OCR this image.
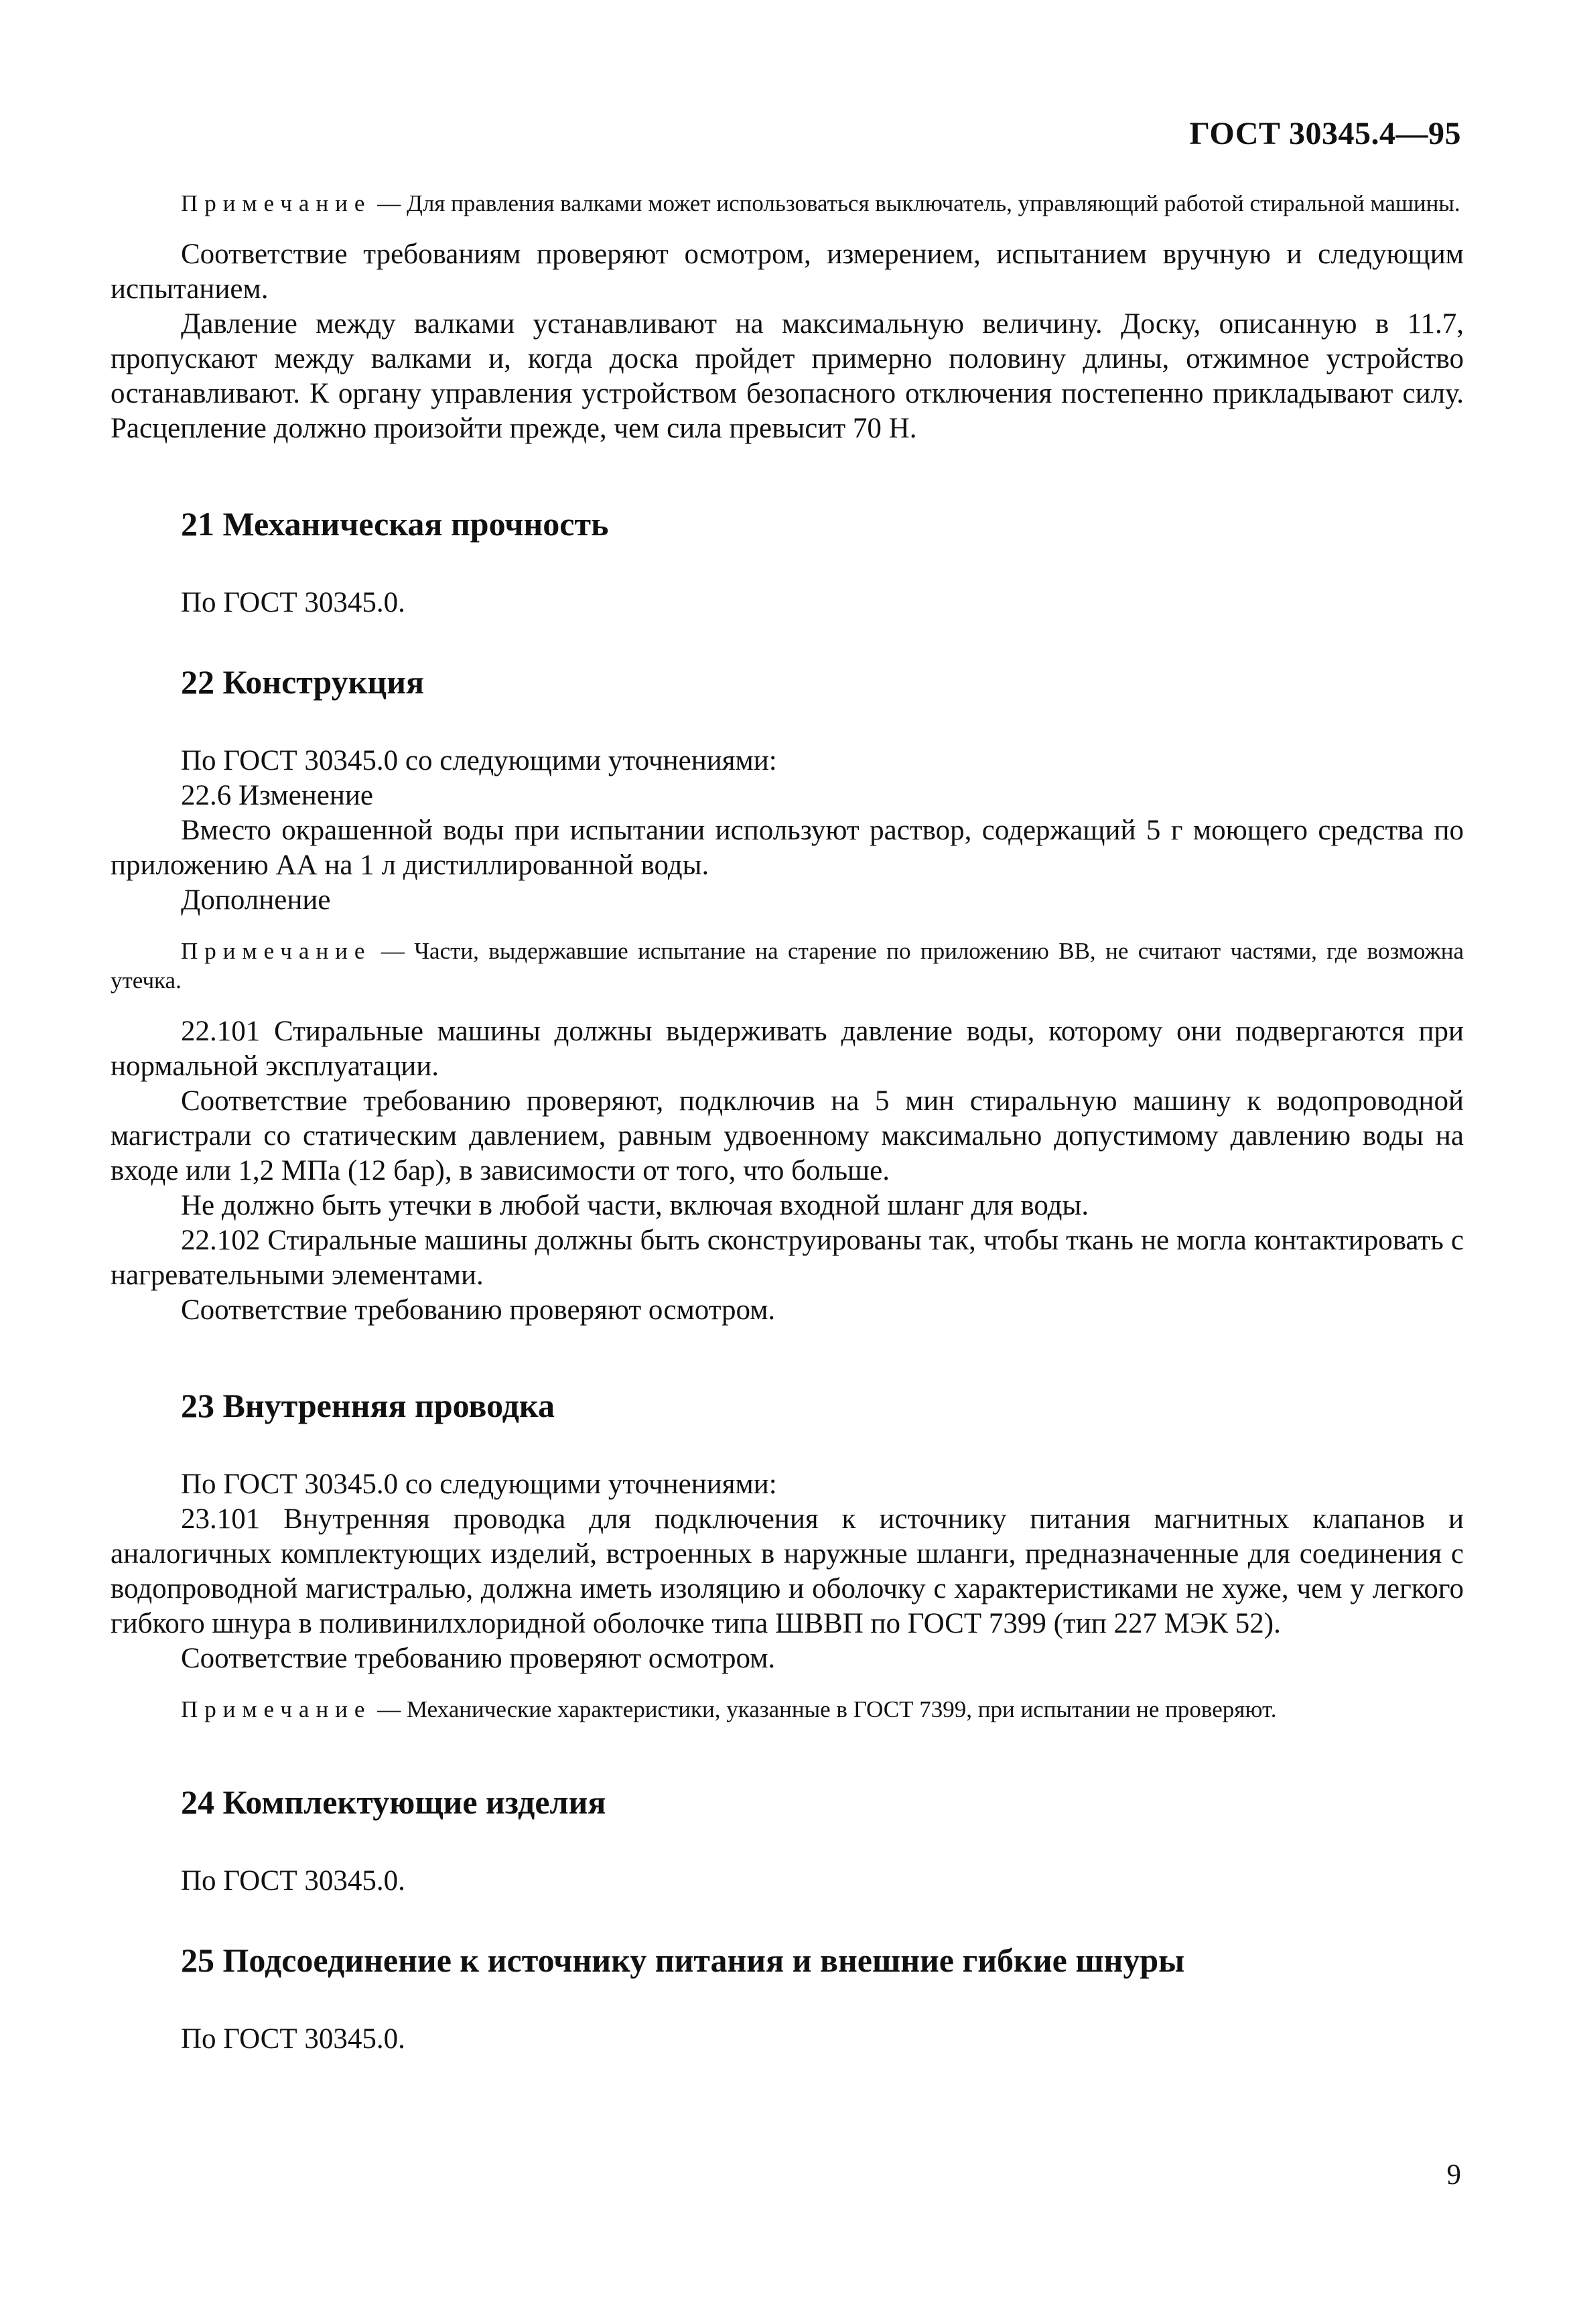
ГОСТ 30345.4—95

Примечание — Для правления валками может использоваться выключатель, управляющий работой стиральной машины.

Соответствие требованиям проверяют осмотром, измерением, испытанием вручную и следующим испытанием.

Давление между валками устанавливают на максимальную величину. Доску, описанную в 11.7, пропускают между валками и, когда доска пройдет примерно половину длины, отжимное устройство останавливают. К органу управления устройством безопасного отключения постепенно прикладывают силу. Расцепление должно произойти прежде, чем сила превысит 70 Н.

21 Механическая прочность

По ГОСТ 30345.0.

22 Конструкция

По ГОСТ 30345.0 со следующими уточнениями:

22.6 Изменение

Вместо окрашенной воды при испытании используют раствор, содержащий 5 г моющего средства по приложению АА на 1 л дистиллированной воды.

Дополнение

Примечание — Части, выдержавшие испытание на старение по приложению ВВ, не считают частями, где возможна утечка.

22.101 Стиральные машины должны выдерживать давление воды, которому они подвергаются при нормальной эксплуатации.

Соответствие требованию проверяют, подключив на 5 мин стиральную машину к водопроводной магистрали со статическим давлением, равным удвоенному максимально допустимому давлению воды на входе или 1,2 МПа (12 бар), в зависимости от того, что больше.

Не должно быть утечки в любой части, включая входной шланг для воды.

22.102 Стиральные машины должны быть сконструированы так, чтобы ткань не могла контактировать с нагревательными элементами.

Соответствие требованию проверяют осмотром.

23 Внутренняя проводка

По ГОСТ 30345.0 со следующими уточнениями:

23.101 Внутренняя проводка для подключения к источнику питания магнитных клапанов и аналогичных комплектующих изделий, встроенных в наружные шланги, предназначенные для соединения с водопроводной магистралью, должна иметь изоляцию и оболочку с характеристиками не хуже, чем у легкого гибкого шнура в поливинилхлоридной оболочке типа ШВВП по ГОСТ 7399 (тип 227 МЭК 52).

Соответствие требованию проверяют осмотром.

Примечание — Механические характеристики, указанные в ГОСТ 7399, при испытании не проверяют.

24 Комплектующие изделия

По ГОСТ 30345.0.

25 Подсоединение к источнику питания и внешние гибкие шнуры

По ГОСТ 30345.0.

9
